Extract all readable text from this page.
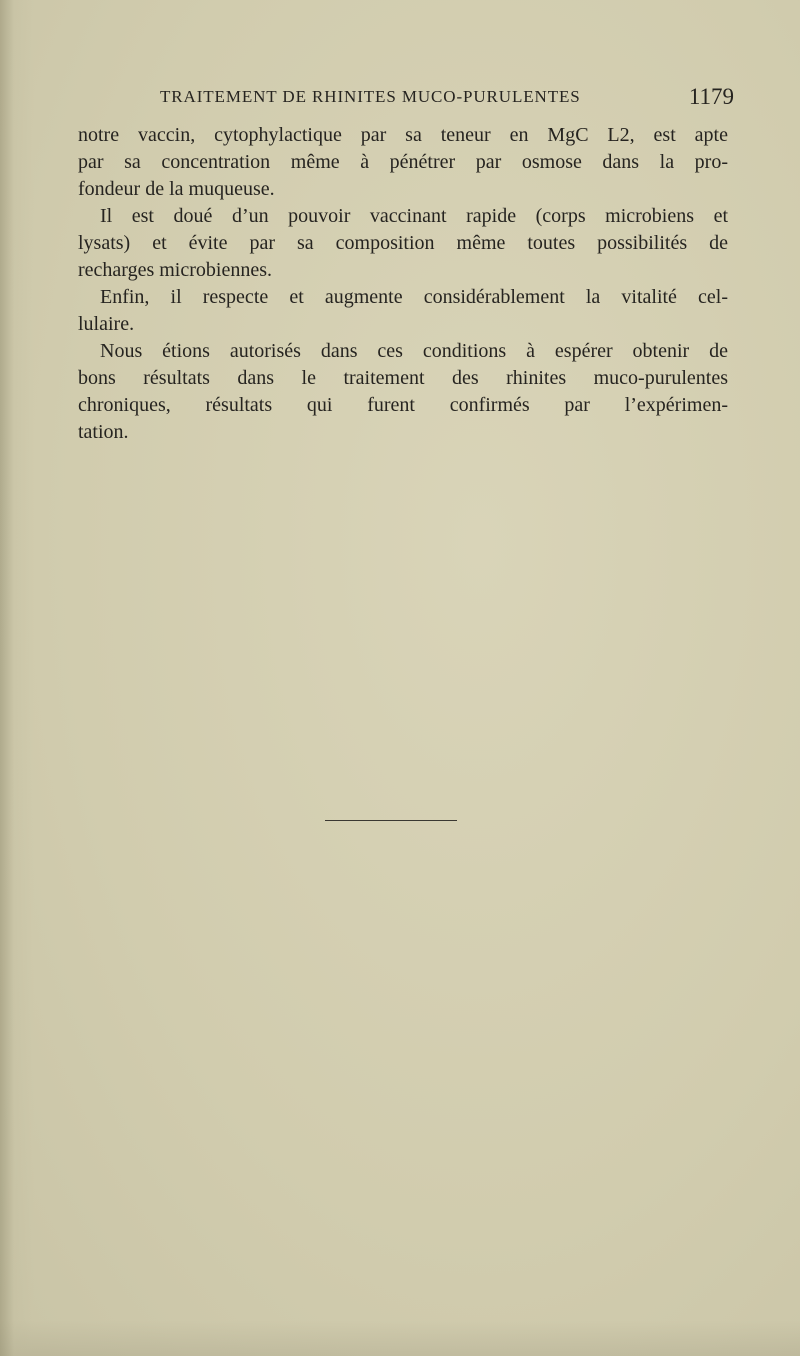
TRAITEMENT DE RHINITES MUCO-PURULENTES	1179
notre vaccin, cytophylactique par sa teneur en MgC L2, est apte
par sa concentration même à pénétrer par osmose dans la pro-
fondeur de la muqueuse.
Il est doué d’un pouvoir vaccinant rapide (corps microbiens et
lysats) et évite par sa composition même toutes possibilités de
recharges microbiennes.
Enfin, il respecte et augmente considérablement la vitalité cel-
lulaire.
Nous étions autorisés dans ces conditions à espérer obtenir de
bons résultats dans le traitement des rhinites muco-purulentes
chroniques, résultats qui furent confirmés par l’expérimen-
tation.
